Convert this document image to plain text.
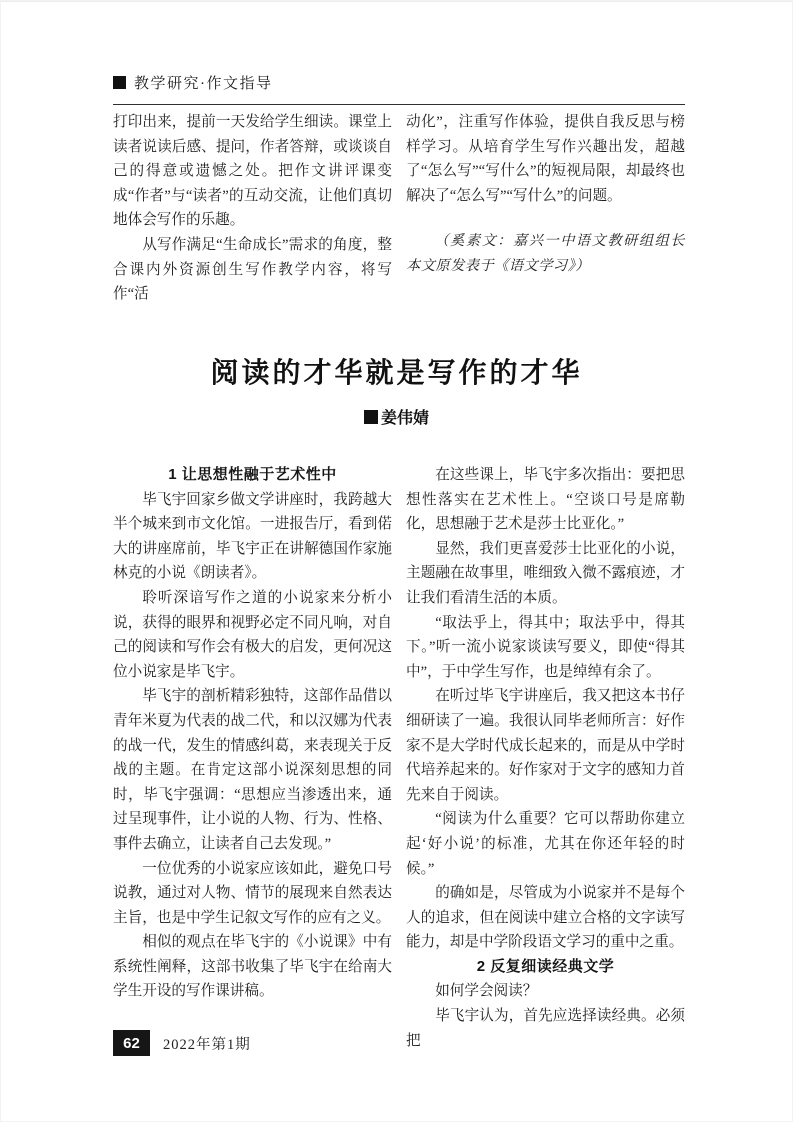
教学研究·作文指导

打印出来，提前一天发给学生细读。课堂上读者说读后感、提问，作者答辩，或谈谈自己的得意或遗憾之处。把作文讲评课变成“作者”与“读者”的互动交流，让他们真切地体会写作的乐趣。

从写作满足“生命成长”需求的角度，整合课内外资源创生写作教学内容，将写作“活

动化”，注重写作体验，提供自我反思与榜样学习。从培育学生写作兴趣出发，超越了“怎么写”“写什么”的短视局限，却最终也解决了“怎么写”“写什么”的问题。

（奚素文：嘉兴一中语文教研组组长　本文原发表于《语文学习》）

阅读的才华就是写作的才华
姜伟婧

1 让思想性融于艺术性中

毕飞宇回家乡做文学讲座时，我跨越大半个城来到市文化馆。一进报告厅，看到偌大的讲座席前，毕飞宇正在讲解德国作家施林克的小说《朗读者》。

聆听深谙写作之道的小说家来分析小说，获得的眼界和视野必定不同凡响，对自己的阅读和写作会有极大的启发，更何况这位小说家是毕飞宇。

毕飞宇的剖析精彩独特，这部作品借以青年米夏为代表的战二代，和以汉娜为代表的战一代，发生的情感纠葛，来表现关于反战的主题。在肯定这部小说深刻思想的同时，毕飞宇强调：“思想应当渗透出来，通过呈现事件，让小说的人物、行为、性格、事件去确立，让读者自己去发现。”

一位优秀的小说家应该如此，避免口号说教，通过对人物、情节的展现来自然表达主旨，也是中学生记叙文写作的应有之义。

相似的观点在毕飞宇的《小说课》中有系统性阐释，这部书收集了毕飞宇在给南大学生开设的写作课讲稿。

在这些课上，毕飞宇多次指出：要把思想性落实在艺术性上。“空谈口号是席勒化，思想融于艺术是莎士比亚化。”

显然，我们更喜爱莎士比亚化的小说，主题融在故事里，唯细致入微不露痕迹，才让我们看清生活的本质。

“取法乎上，得其中；取法乎中，得其下。”听一流小说家谈读写要义，即使“得其中”，于中学生写作，也是绰绰有余了。

在听过毕飞宇讲座后，我又把这本书仔细研读了一遍。我很认同毕老师所言：好作家不是大学时代成长起来的，而是从中学时代培养起来的。好作家对于文字的感知力首先来自于阅读。

“阅读为什么重要？它可以帮助你建立起‘好小说’的标准，尤其在你还年轻的时候。”

的确如是，尽管成为小说家并不是每个人的追求，但在阅读中建立合格的文字读写能力，却是中学阶段语文学习的重中之重。

2 反复细读经典文学

如何学会阅读？

毕飞宇认为，首先应选择读经典。必须把

62	2022年第1期
